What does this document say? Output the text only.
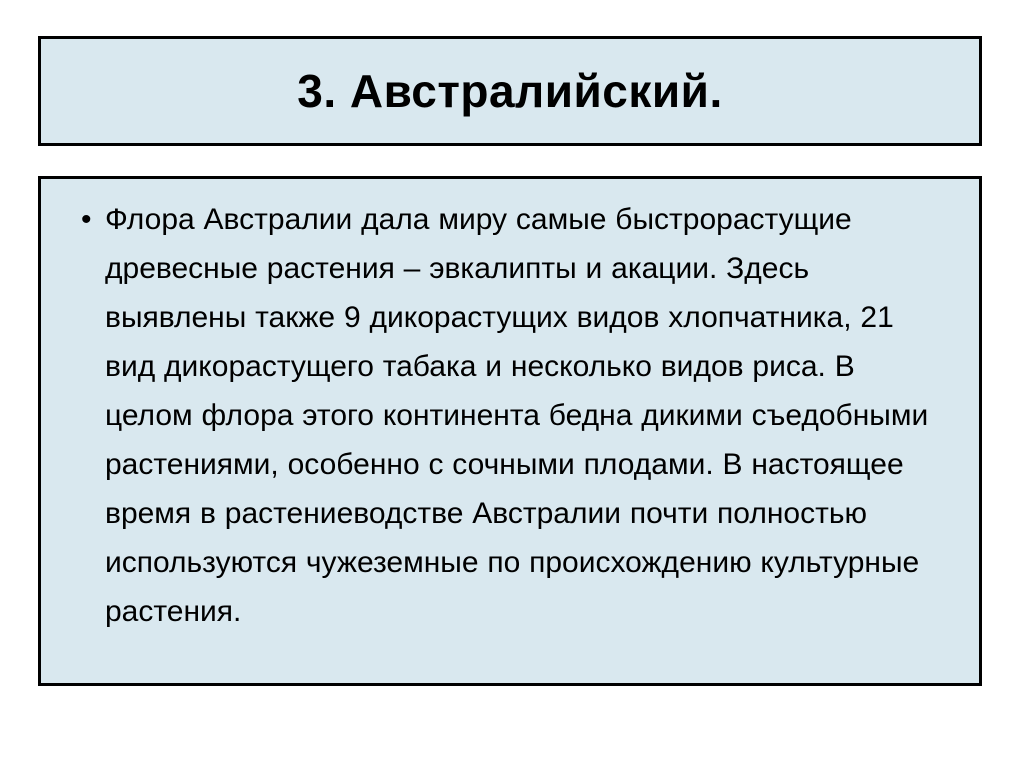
3. Австралийский.
• Флора Австралии дала миру самые быстрорастущие древесные растения – эвкалипты и акации. Здесь выявлены также 9 дикорастущих видов хлопчатника, 21 вид дикорастущего табака и несколько видов риса. В целом флора этого континента бедна дикими съедобными растениями, особенно с сочными плодами. В настоящее время в растениеводстве Австралии почти полностью используются чужеземные по происхождению культурные растения.
